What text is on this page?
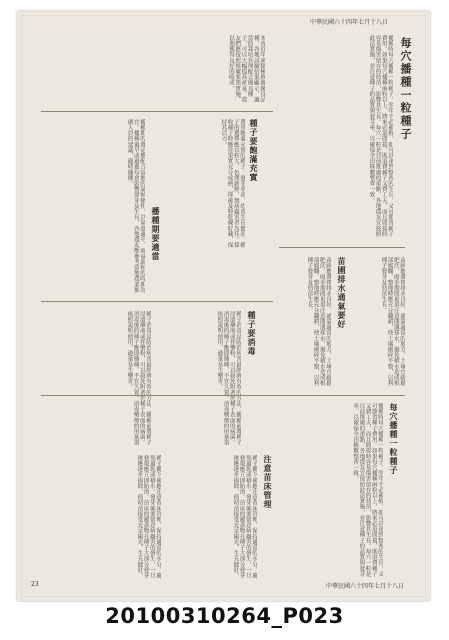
中華民國六十四年七月十八日
每穴播種一粒種子
播種時每穴播種一粒種子，翌年不必補植，即可以達到整齊的生長，又可節省種子費用。如果每穴播種兩粒以上，將來必須間拔，既浪費種子又費工夫，而且間拔時容易傷害留存的幼苗，影響其生長。每穴一粒是目前推廣的重點，各地農友宜按照此法實施，並注意種子的品質與發芽率，以確保全田株數整齊一致。
本省近年來積極推廣優良品種，各地試驗結果顯示，適當的栽培管理配合優良種子，可以大幅提高產量。農友們應按照推廣要領實施，以期獲得良好的收成。
種子要飽滿充實
選用飽滿充實的種子，發芽率高，幼苗生長健壯。種子的選擇應以粒大、色澤新鮮、無病蟲害者為佳。採收種子時應待果實充分成熟，採後及時乾燥貯藏，保持其活力。
播種期要適當
播種期的選定應配合當地的氣候條件，以氣溫適中、雨量調和的時期為宜。播種過早或過遲均會影響發芽及生長，各地農友應參考當地農業推廣人員的建議，適時播種。
苗圃排水通氣要好
苗圃應選擇排水良好、通氣適當的地方，土壤宜疏鬆肥沃。雨季期間更須注意開溝排水，避免積水造成根部腐爛。整地時應充分翻耕，使土壤細碎平整，以利種子發芽及幼苗生長。	苗圃應選擇排水良好、通氣適當的地方，土壤宜疏鬆肥沃。雨季期間更須注意開溝排水，避免積水造成根部腐爛。整地時應充分翻耕，使土壤細碎平整，以利種子發芽及幼苗生長。
種子要消毒
種子消毒是防治病害最經濟有效的方法，播種前將種子浸漬藥液或拌藥粉，可以殺死附著於種子表面的病菌。消毒後的種子應即播種，不宜久置。消毒藥劑的用量須依照說明使用，過量易生藥害。
種子消毒是防治病害最經濟有效的方法，播種前將種子浸漬藥液或拌藥粉，可以殺死附著於種子表面的病菌。消毒後的種子應即播種，不宜久置。消毒藥劑的用量須依照說明使用，過量易生藥害。
每穴播種一粒種子
播種時每穴播種一粒種子，翌年不必補植，即可以達到整齊的生長，又可節省種子費用。如果每穴播種兩粒以上，將來必須間拔，既浪費種子又費工夫，而且間拔時容易傷害留存的幼苗，影響其生長。每穴一粒是目前推廣的重點，各地農友宜按照此法實施，並注意種子的品質與發芽率，以確保全田株數整齊一致。
注意苗床管理
種子播下後應注意苗床管理，保持適當的水分，避免過乾或積水。發芽後要留意病蟲害的發生，一旦發現應立即防治。苗床的覆蓋物在種子大部分發芽後應逐步揭除，使幼苗接受充足陽光，生長健壯。
種子播下後應注意苗床管理，保持適當的水分，避免過乾或積水。發芽後要留意病蟲害的發生，一旦發現應立即防治。苗床的覆蓋物在種子大部分發芽後應逐步揭除，使幼苗接受充足陽光，生長健壯。
23	中華民國六十四年七月十八日
20100310264_P023
